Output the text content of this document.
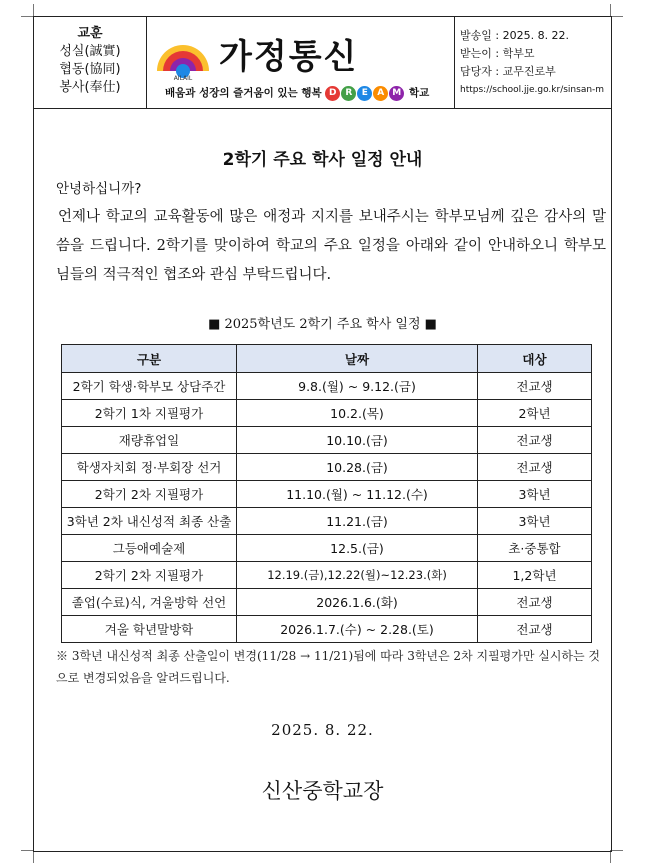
교훈
성실(誠實)
협동(協同)
봉사(奉仕)
AILAIL
가정통신
배움과 성장의 즐거움이 있는 행복 D R E A M 학교
발송일 : 2025. 8. 22.
받는이 : 학부모
담당자 : 교무진로부
https://school.jje.go.kr/sinsan-m
2학기 주요 학사 일정 안내
안녕하십니까?
언제나 학교의 교육활동에 많은 애정과 지지를 보내주시는 학부모님께 깊은 감사의 말씀을 드립니다. 2학기를 맞이하여 학교의 주요 일정을 아래와 같이 안내하오니 학부모님들의 적극적인 협조와 관심 부탁드립니다.
■ 2025학년도 2학기 주요 학사 일정 ■
구분	날짜	대상
2학기 학생·학부모 상담주간	9.8.(월) ~ 9.12.(금)	전교생
2학기 1차 지필평가	10.2.(목)	2학년
재량휴업일	10.10.(금)	전교생
학생자치회 정·부회장 선거	10.28.(금)	전교생
2학기 2차 지필평가	11.10.(월) ~ 11.12.(수)	3학년
3학년 2차 내신성적 최종 산출	11.21.(금)	3학년
그등애예술제	12.5.(금)	초·중통합
2학기 2차 지필평가	12.19.(금),12.22(월)~12.23.(화)	1,2학년
졸업(수료)식, 겨울방학 선언	2026.1.6.(화)	전교생
겨울 학년말방학	2026.1.7.(수) ~ 2.28.(토)	전교생
※ 3학년 내신성적 최종 산출일이 변경(11/28 → 11/21)됨에 따라 3학년은 2차 지필평가만 실시하는 것으로 변경되었음을 알려드립니다.
2025. 8. 22.
신산중학교장
